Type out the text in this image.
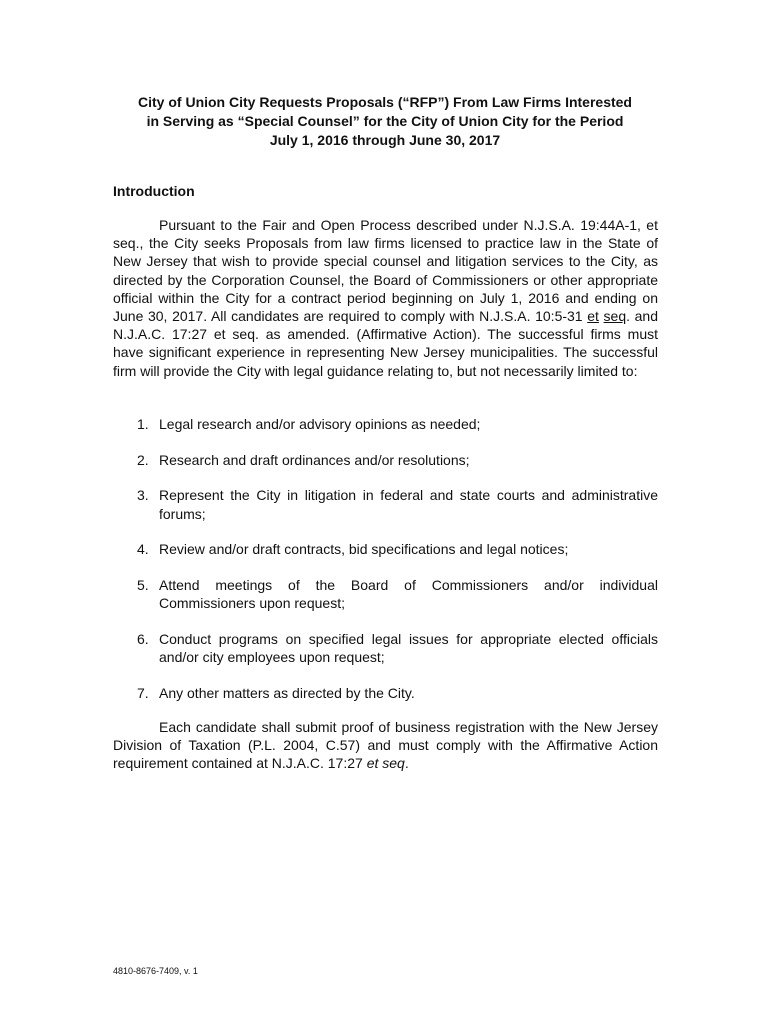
City of Union City Requests Proposals (“RFP”) From Law Firms Interested
in Serving as “Special Counsel” for the City of Union City for the Period
July 1, 2016 through June 30, 2017
Introduction

Pursuant to the Fair and Open Process described under N.J.S.A. 19:44A-1, et seq., the City seeks Proposals from law firms licensed to practice law in the State of New Jersey that wish to provide special counsel and litigation services to the City, as directed by the Corporation Counsel, the Board of Commissioners or other appropriate official within the City for a contract period beginning on July 1, 2016 and ending on June 30, 2017. All candidates are required to comply with N.J.S.A. 10:5-31 et seq. and N.J.A.C. 17:27 et seq. as amended. (Affirmative Action). The successful firms must have significant experience in representing New Jersey municipalities. The successful firm will provide the City with legal guidance relating to, but not necessarily limited to:

1. Legal research and/or advisory opinions as needed;
2. Research and draft ordinances and/or resolutions;
3. Represent the City in litigation in federal and state courts and administrative forums;
4. Review and/or draft contracts, bid specifications and legal notices;
5. Attend meetings of the Board of Commissioners and/or individual Commissioners upon request;
6. Conduct programs on specified legal issues for appropriate elected officials and/or city employees upon request;
7. Any other matters as directed by the City.

Each candidate shall submit proof of business registration with the New Jersey Division of Taxation (P.L. 2004, C.57) and must comply with the Affirmative Action requirement contained at N.J.A.C. 17:27 et seq.

4810-8676-7409, v. 1
